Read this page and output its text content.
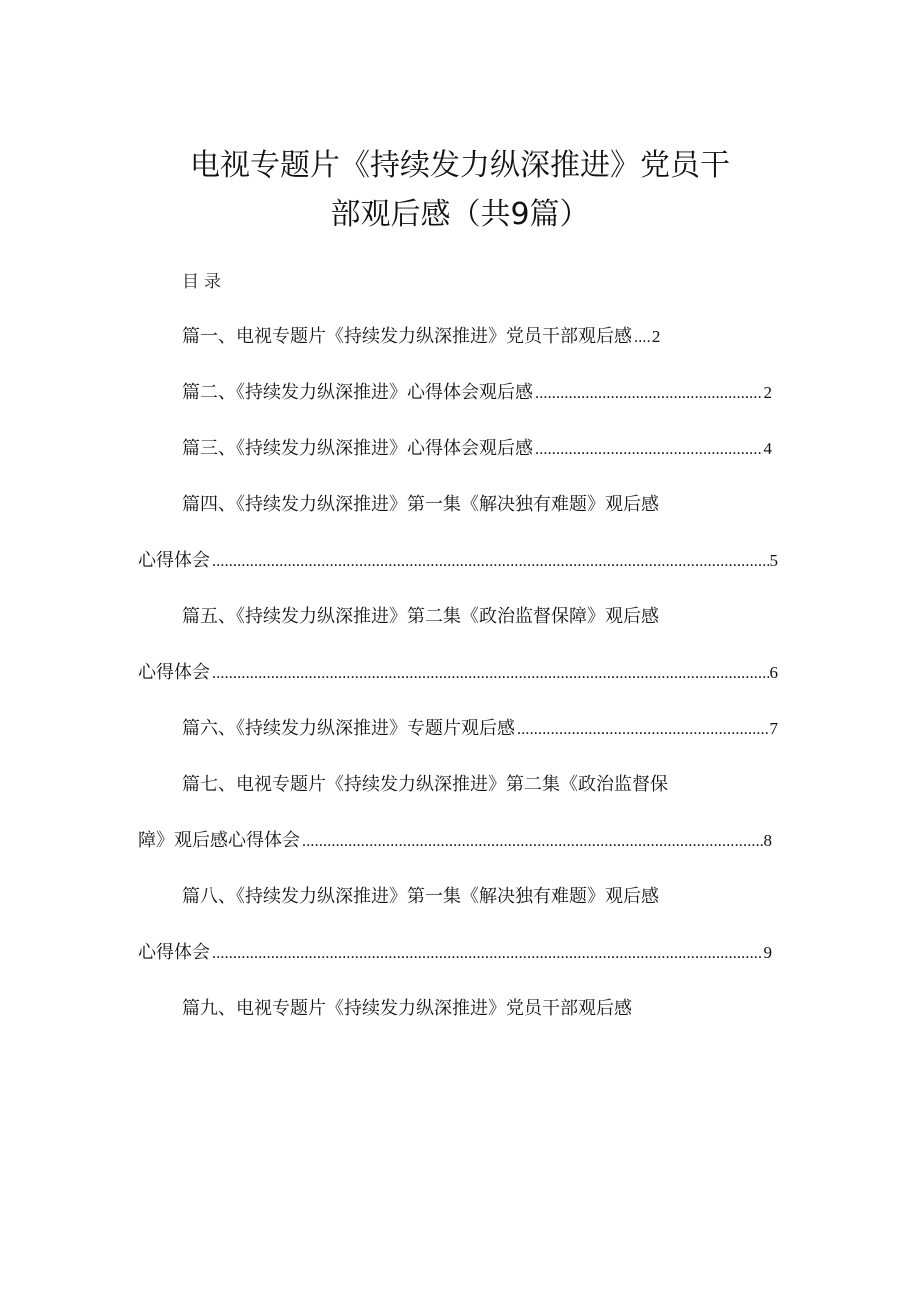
电视专题片《持续发力纵深推进》党员干
部观后感（共9篇）
目录
篇一、电视专题片《持续发力纵深推进》党员干部观后感 .... 2
篇二、《持续发力纵深推进》心得体会观后感 .....	2
篇三、《持续发力纵深推进》心得体会观后感 .....	4
篇四、《持续发力纵深推进》第一集《解决独有难题》观后感
心得体会 .....	5
篇五、《持续发力纵深推进》第二集《政治监督保障》观后感
心得体会 .....	6
篇六、《持续发力纵深推进》专题片观后感 .....	7
篇七、电视专题片《持续发力纵深推进》第二集《政治监督保
障》观后感心得体会 .....	8
篇八、《持续发力纵深推进》第一集《解决独有难题》观后感
心得体会 .....	9
篇九、电视专题片《持续发力纵深推进》党员干部观后感
